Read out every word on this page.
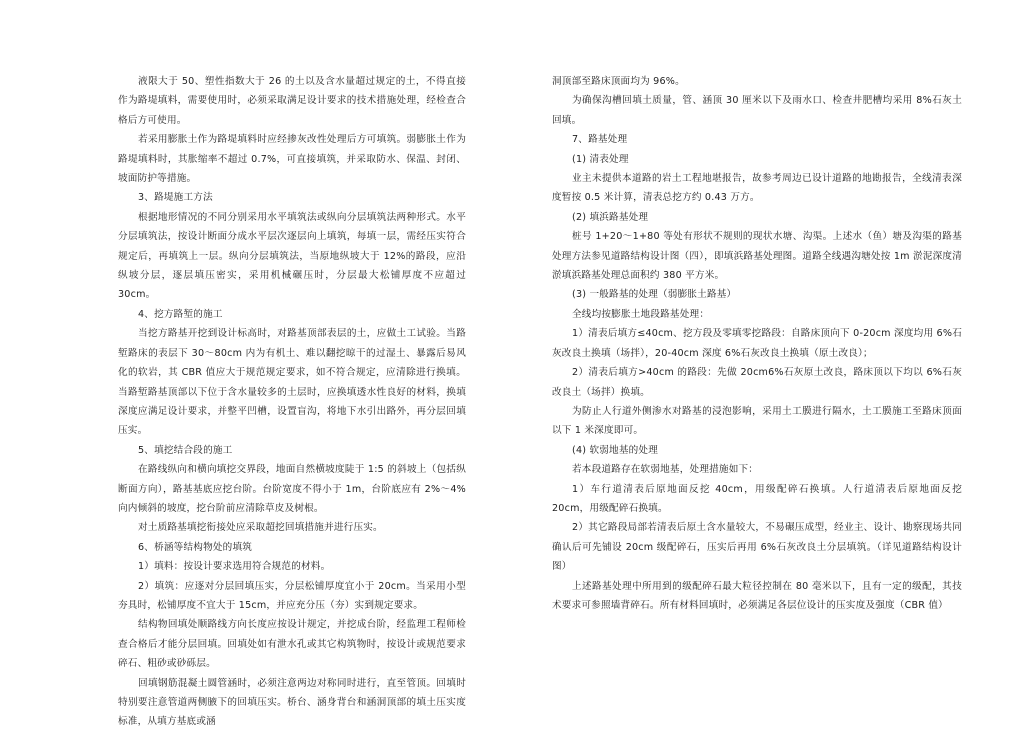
液限大于 50、塑性指数大于 26 的土以及含水量超过规定的土，不得直接作为路堤填料，需要使用时，必须采取满足设计要求的技术措施处理，经检查合格后方可使用。

若采用膨胀土作为路堤填料时应经掺灰改性处理后方可填筑。弱膨胀土作为路堤填料时，其胀缩率不超过 0.7%，可直接填筑，并采取防水、保温、封闭、坡面防护等措施。

3、路堤施工方法

根据地形情况的不同分别采用水平填筑法或纵向分层填筑法两种形式。水平分层填筑法，按设计断面分成水平层次逐层向上填筑，每填一层，需经压实符合规定后，再填筑上一层。纵向分层填筑法，当原地纵坡大于 12%的路段，应沿纵坡分层，逐层填压密实，采用机械碾压时，分层最大松铺厚度不应超过 30cm。

4、挖方路堑的施工

当挖方路基开挖到设计标高时，对路基顶部表层的土，应做土工试验。当路堑路床的表层下 30～80cm 内为有机土、难以翻挖晾干的过湿土、暴露后易风化的软岩，其 CBR 值应大于规范规定要求，如不符合规定，应清除进行换填。当路堑路基顶部以下位于含水量较多的土层时，应换填透水性良好的材料，换填深度应满足设计要求，并整平凹槽，设置盲沟，将地下水引出路外，再分层回填压实。

5、填挖结合段的施工

在路线纵向和横向填挖交界段，地面自然横坡度陡于 1:5 的斜坡上（包括纵断面方向），路基基底应挖台阶。台阶宽度不得小于 1m，台阶底应有 2%～4%向内倾斜的坡度，挖台阶前应清除草皮及树根。

对土质路基填挖衔接处应采取超挖回填措施并进行压实。

6、桥涵等结构物处的填筑

1）填料：按设计要求选用符合规范的材料。

2）填筑：应逐对分层回填压实，分层松铺厚度宜小于 20cm。当采用小型夯具时，松铺厚度不宜大于 15cm，并应充分压（夯）实到规定要求。

结构物回填处顺路线方向长度应按设计规定，并挖成台阶，经监理工程师检查合格后才能分层回填。回填处如有泄水孔或其它构筑物时，按设计或规范要求碎石、粗砂或砂砾层。

回填钢筋混凝土圆管涵时，必须注意两边对称同时进行，直至管顶。回填时特别要注意管道两侧腋下的回填压实。桥台、涵身背台和涵洞顶部的填土压实度标准，从填方基底或涵

洞顶部至路床顶面均为 96%。

为确保沟槽回填土质量，管、涵顶 30 厘米以下及雨水口、检查井肥槽均采用 8%石灰土回填。

7、路基处理

(1) 清表处理

业主未提供本道路的岩土工程地堪报告，故参考周边已设计道路的地勘报告，全线清表深度暂按 0.5 米计算，清表总挖方约 0.43 万方。

(2) 填浜路基处理

桩号 1+20～1+80 等处有形状不规则的现状水塘、沟渠。上述水（鱼）塘及沟渠的路基处理方法参见道路结构设计图（四），即填浜路基处理图。道路全线遇沟塘处按 1m 淤泥深度清淤填浜路基处理总面积约 380 平方米。

(3) 一般路基的处理（弱膨胀土路基）

全线均按膨胀土地段路基处理：

1）清表后填方≤40cm、挖方段及零填零挖路段：自路床顶向下 0-20cm 深度均用 6%石灰改良土换填（场拌），20-40cm 深度 6%石灰改良土换填（原土改良）；

2）清表后填方>40cm 的路段：先做 20cm6%石灰原土改良，路床顶以下均以 6%石灰改良土（场拌）换填。

为防止人行道外侧渗水对路基的浸泡影响，采用土工膜进行隔水，土工膜施工至路床顶面以下 1 米深度即可。

(4) 软弱地基的处理

若本段道路存在软弱地基，处理措施如下：

1）车行道清表后原地面反挖 40cm，用级配碎石换填。人行道清表后原地面反挖 20cm，用级配碎石换填。

2）其它路段局部若清表后原土含水量较大，不易碾压成型，经业主、设计、勘察现场共同确认后可先铺设 20cm 级配碎石，压实后再用 6%石灰改良土分层填筑。（详见道路结构设计图）

上述路基处理中所用到的级配碎石最大粒径控制在 80 毫米以下，且有一定的级配，其技术要求可参照墙背碎石。所有材料回填时，必须满足各层位设计的压实度及强度（CBR 值）
